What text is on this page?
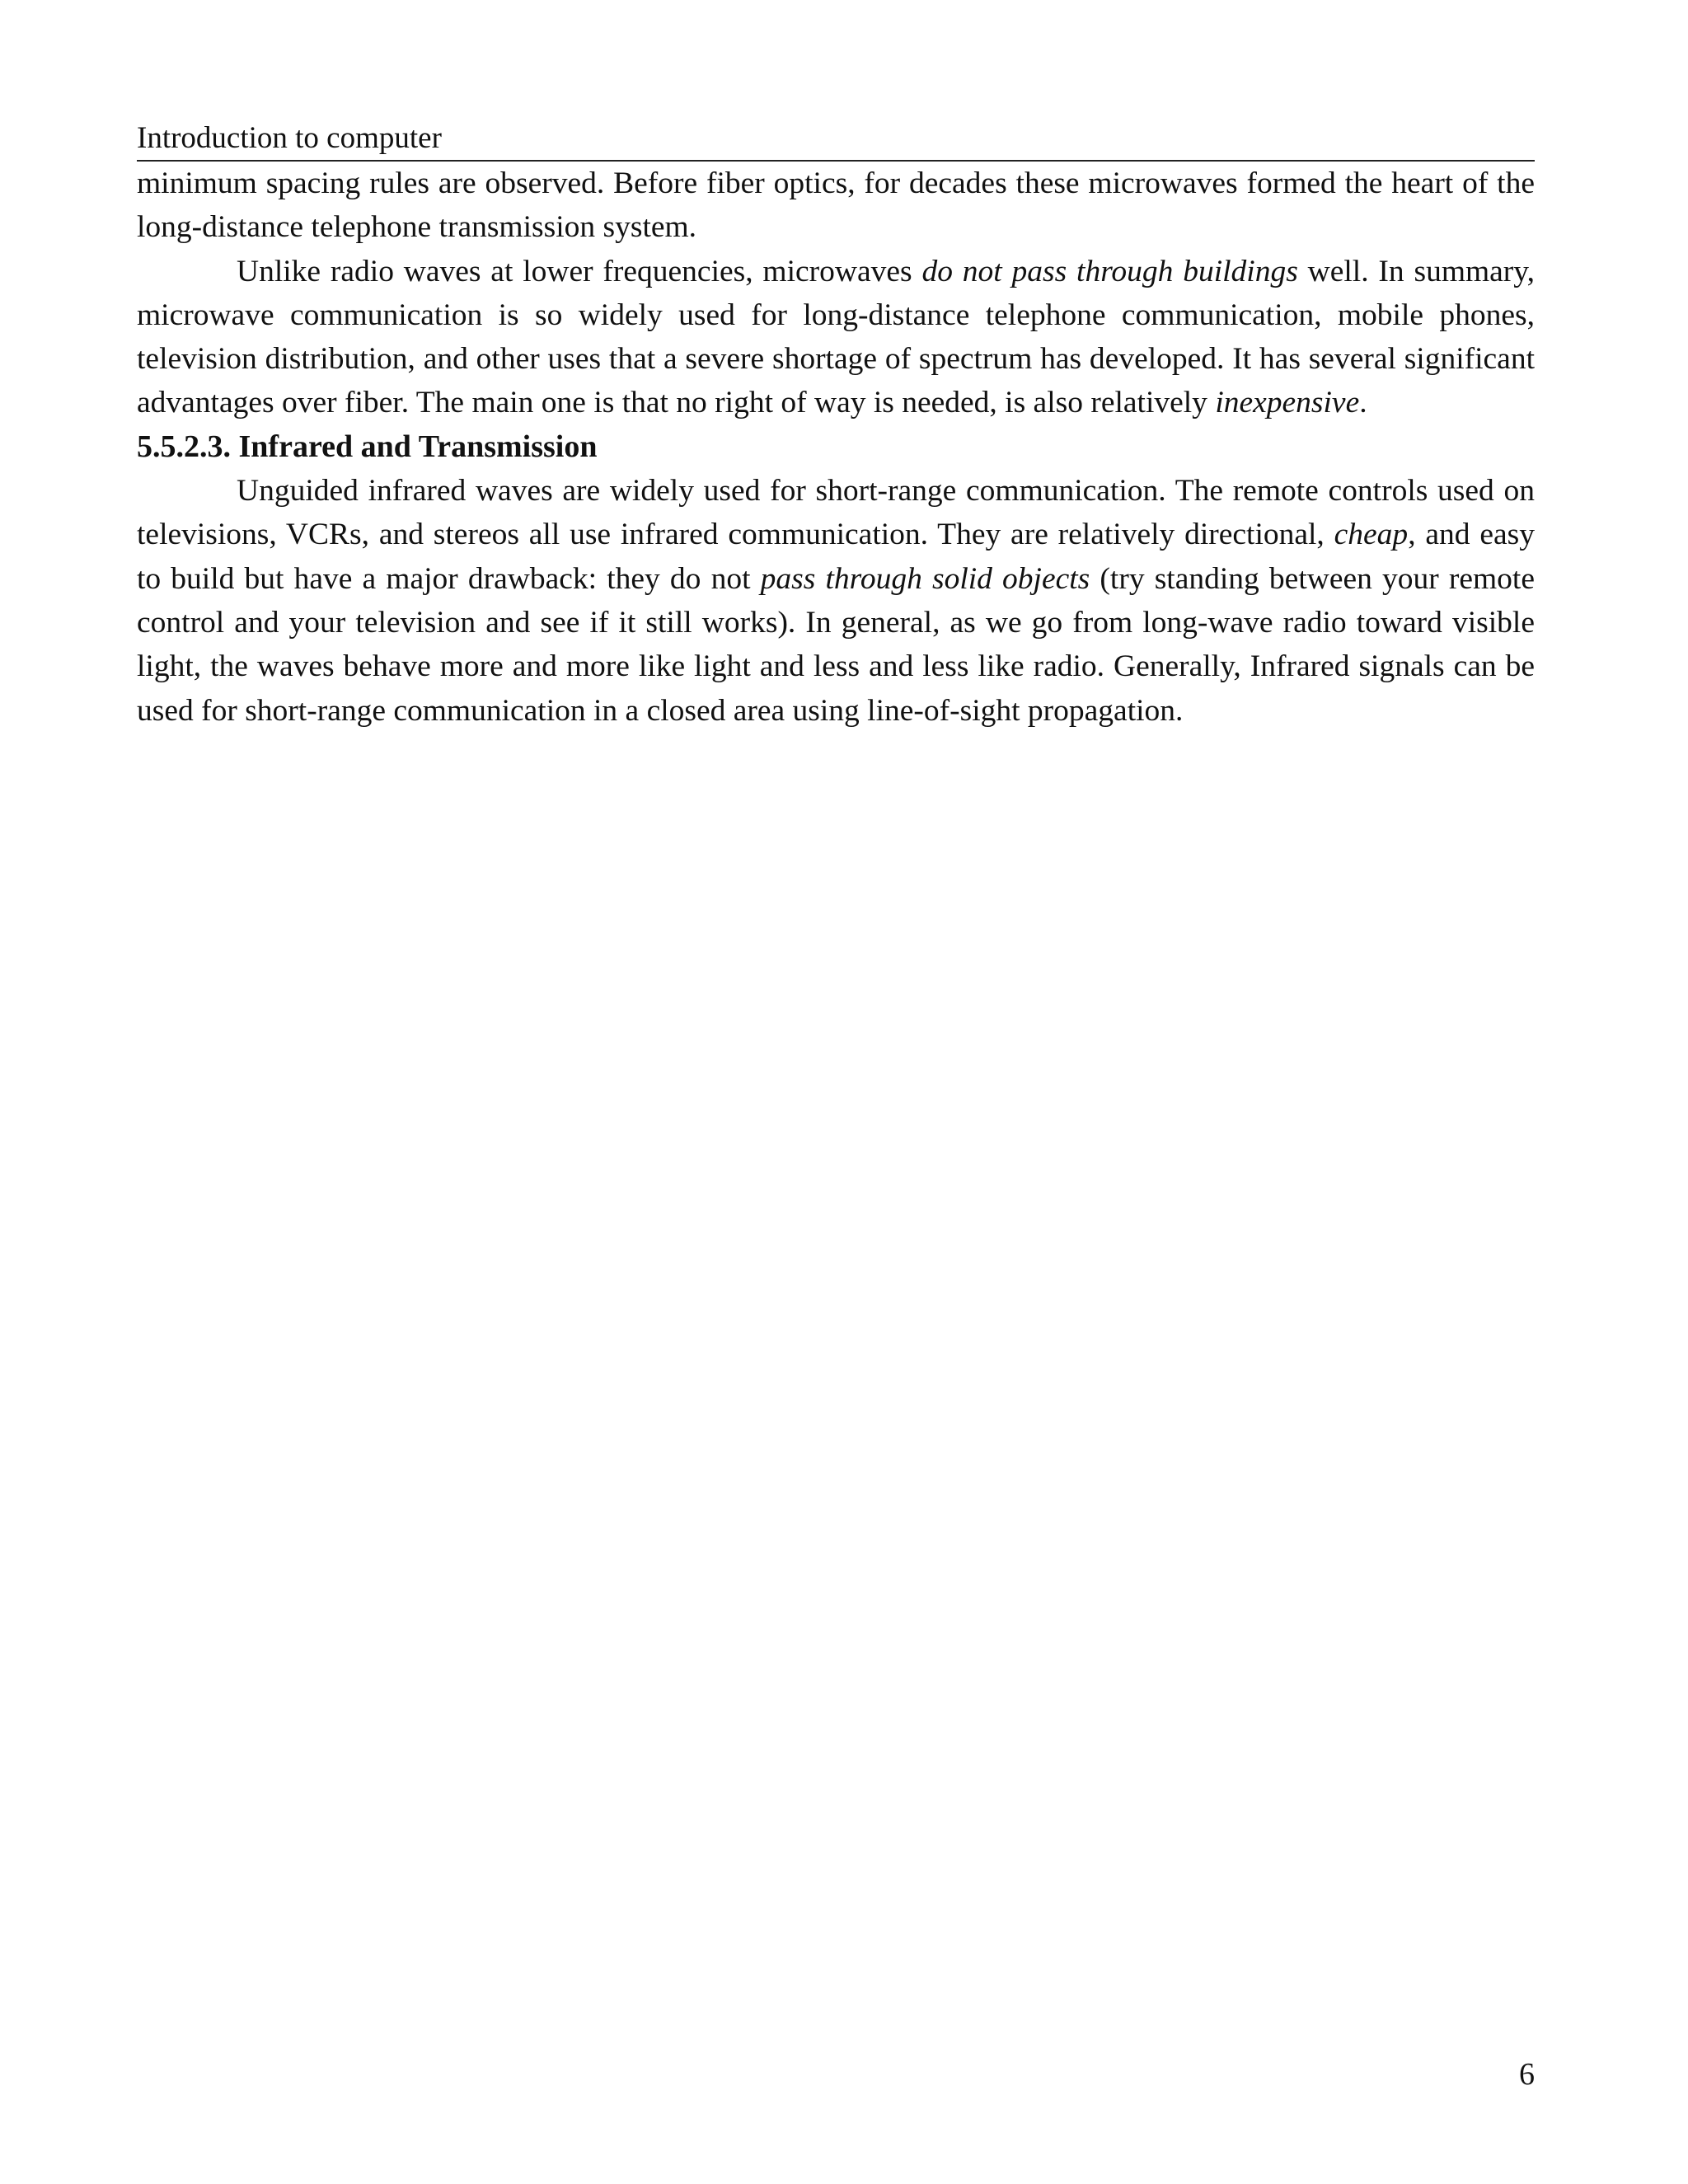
Introduction to computer

minimum spacing rules are observed. Before fiber optics, for decades these microwaves formed the heart of the long-distance telephone transmission system.

Unlike radio waves at lower frequencies, microwaves do not pass through buildings well. In summary, microwave communication is so widely used for long-distance telephone communication, mobile phones, television distribution, and other uses that a severe shortage of spectrum has developed. It has several significant advantages over fiber. The main one is that no right of way is needed, is also relatively inexpensive.

5.5.2.3. Infrared and Transmission

Unguided infrared waves are widely used for short-range communication. The remote controls used on televisions, VCRs, and stereos all use infrared communication. They are relatively directional, cheap, and easy to build but have a major drawback: they do not pass through solid objects (try standing between your remote control and your television and see if it still works). In general, as we go from long-wave radio toward visible light, the waves behave more and more like light and less and less like radio. Generally, Infrared signals can be used for short-range communication in a closed area using line-of-sight propagation.

6
